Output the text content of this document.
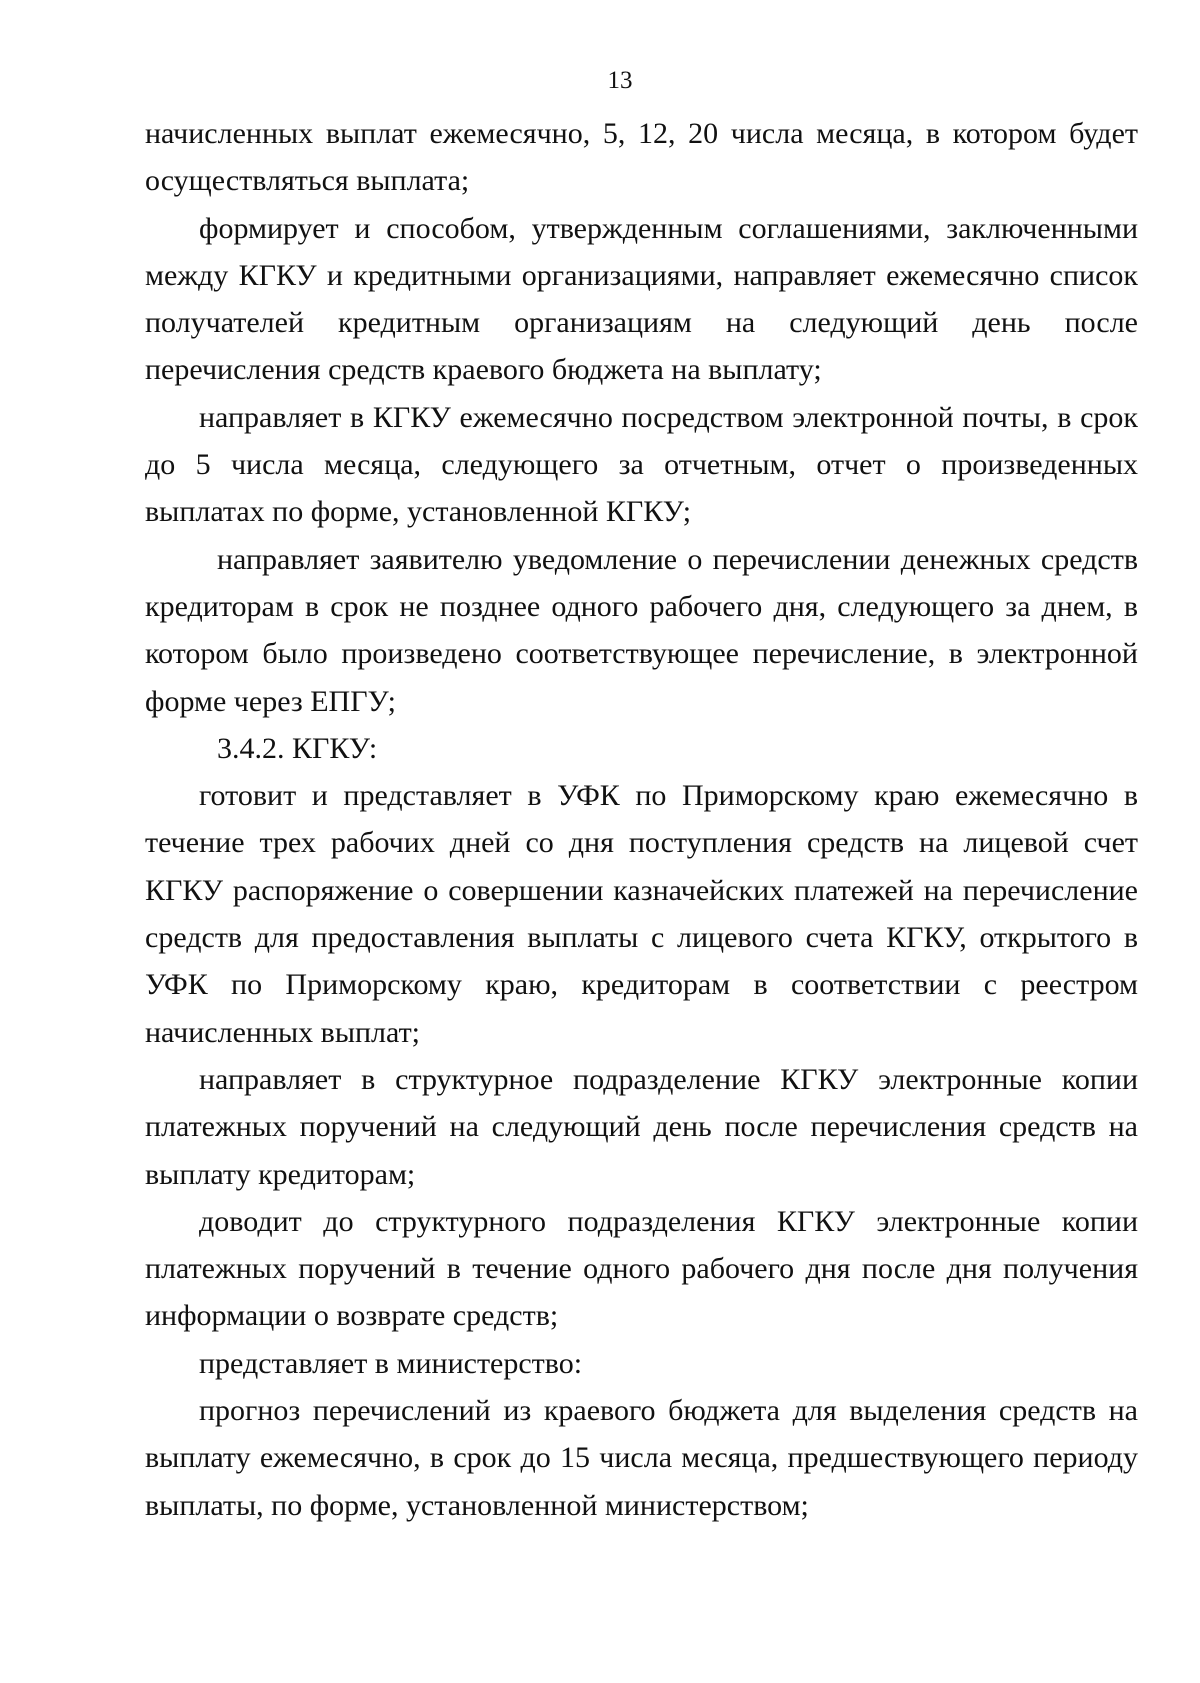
13

начисленных выплат ежемесячно, 5, 12, 20 числа месяца, в котором будет осуществляться выплата;

формирует и способом, утвержденным соглашениями, заключенными между КГКУ и кредитными организациями, направляет ежемесячно список получателей кредитным организациям на следующий день после перечисления средств краевого бюджета на выплату;

направляет в КГКУ ежемесячно посредством электронной почты, в срок до 5 числа месяца, следующего за отчетным, отчет о произведенных выплатах по форме, установленной КГКУ;

направляет заявителю уведомление о перечислении денежных средств кредиторам в срок не позднее одного рабочего дня, следующего за днем, в котором было произведено соответствующее перечисление, в электронной форме через ЕПГУ;

3.4.2. КГКУ:

готовит и представляет в УФК по Приморскому краю ежемесячно в течение трех рабочих дней со дня поступления средств на лицевой счет КГКУ распоряжение о совершении казначейских платежей на перечисление средств для предоставления выплаты с лицевого счета КГКУ, открытого в УФК по Приморскому краю, кредиторам в соответствии с реестром начисленных выплат;

направляет в структурное подразделение КГКУ электронные копии платежных поручений на следующий день после перечисления средств на выплату кредиторам;

доводит до структурного подразделения КГКУ электронные копии платежных поручений в течение одного рабочего дня после дня получения информации о возврате средств;

представляет в министерство:

прогноз перечислений из краевого бюджета для выделения средств на выплату ежемесячно, в срок до 15 числа месяца, предшествующего периоду выплаты, по форме, установленной министерством;
